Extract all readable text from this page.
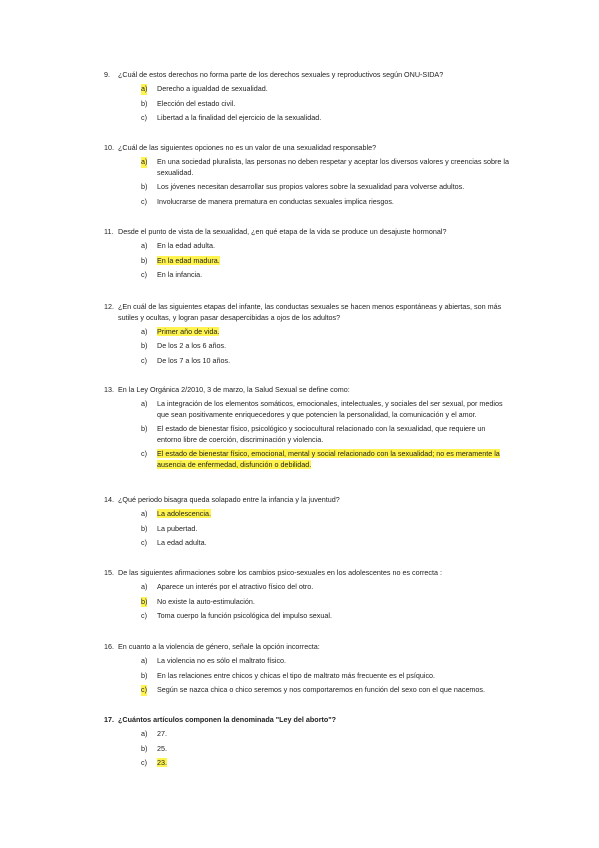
9. ¿Cuál de estos derechos no forma parte de los derechos sexuales y reproductivos según ONU-SIDA?
a) Derecho a igualdad de sexualidad.
b) Elección del estado civil.
c) Libertad a la finalidad del ejercicio de la sexualidad.
10. ¿Cuál de las siguientes opciones no es un valor de una sexualidad responsable?
a) En una sociedad pluralista, las personas no deben respetar y aceptar los diversos valores y creencias sobre la sexualidad.
b) Los jóvenes necesitan desarrollar sus propios valores sobre la sexualidad para volverse adultos.
c) Involucrarse de manera prematura en conductas sexuales implica riesgos.
11. Desde el punto de vista de la sexualidad, ¿en qué etapa de la vida se produce un desajuste hormonal?
a) En la edad adulta.
b) En la edad madura.
c) En la infancia.
12. ¿En cuál de las siguientes etapas del infante, las conductas sexuales se hacen menos espontáneas y abiertas, son más sutiles y ocultas, y logran pasar desapercibidas a ojos de los adultos?
a) Primer año de vida.
b) De los 2 a los 6 años.
c) De los 7 a los 10 años.
13. En la Ley Orgánica 2/2010, 3 de marzo, la Salud Sexual se define como:
a) La integración de los elementos somáticos, emocionales, intelectuales, y sociales del ser sexual, por medios que sean positivamente enriquecedores y que potencien la personalidad, la comunicación y el amor.
b) El estado de bienestar físico, psicológico y sociocultural relacionado con la sexualidad, que requiere un entorno libre de coerción, discriminación y violencia.
c) El estado de bienestar físico, emocional, mental y social relacionado con la sexualidad; no es meramente la ausencia de enfermedad, disfunción o debilidad.
14. ¿Qué periodo bisagra queda solapado entre la infancia y la juventud?
a) La adolescencia.
b) La pubertad.
c) La edad adulta.
15. De las siguientes afirmaciones sobre los cambios psico-sexuales en los adolescentes no es correcta :
a) Aparece un interés por el atractivo físico del otro.
b) No existe la auto-estimulación.
c) Toma cuerpo la función psicológica del impulso sexual.
16. En cuanto a la violencia de género, señale la opción incorrecta:
a) La violencia no es sólo el maltrato físico.
b) En las relaciones entre chicos y chicas el tipo de maltrato más frecuente es el psíquico.
c) Según se nazca chica o chico seremos y nos comportaremos en función del sexo con el que nacemos.
17. ¿Cuántos artículos componen la denominada "Ley del aborto"?
a) 27.
b) 25.
c) 23.
